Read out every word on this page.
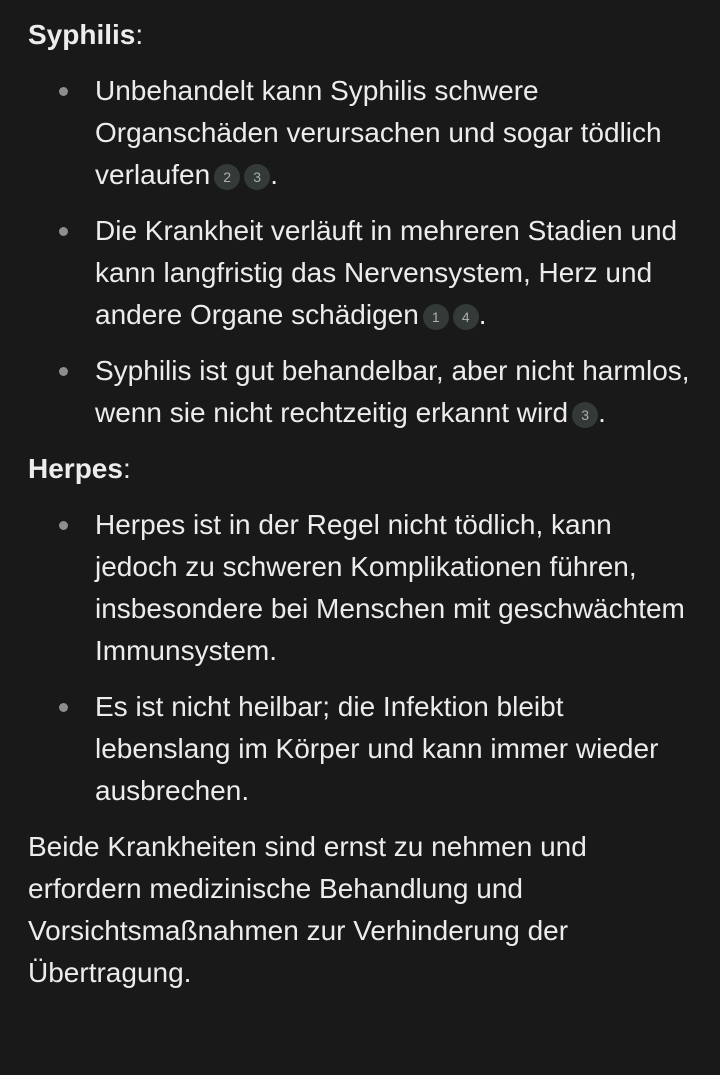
Syphilis:

Unbehandelt kann Syphilis schwere Organschäden verursachen und sogar tödlich verlaufen 2 3 .
Die Krankheit verläuft in mehreren Stadien und kann langfristig das Nervensystem, Herz und andere Organe schädigen 1 4 .
Syphilis ist gut behandelbar, aber nicht harmlos, wenn sie nicht rechtzeitig erkannt wird 3 .

Herpes:

Herpes ist in der Regel nicht tödlich, kann jedoch zu schweren Komplikationen führen, insbesondere bei Menschen mit geschwächtem Immunsystem.
Es ist nicht heilbar; die Infektion bleibt lebenslang im Körper und kann immer wieder ausbrechen.

Beide Krankheiten sind ernst zu nehmen und erfordern medizinische Behandlung und Vorsichtsmaßnahmen zur Verhinderung der Übertragung.
